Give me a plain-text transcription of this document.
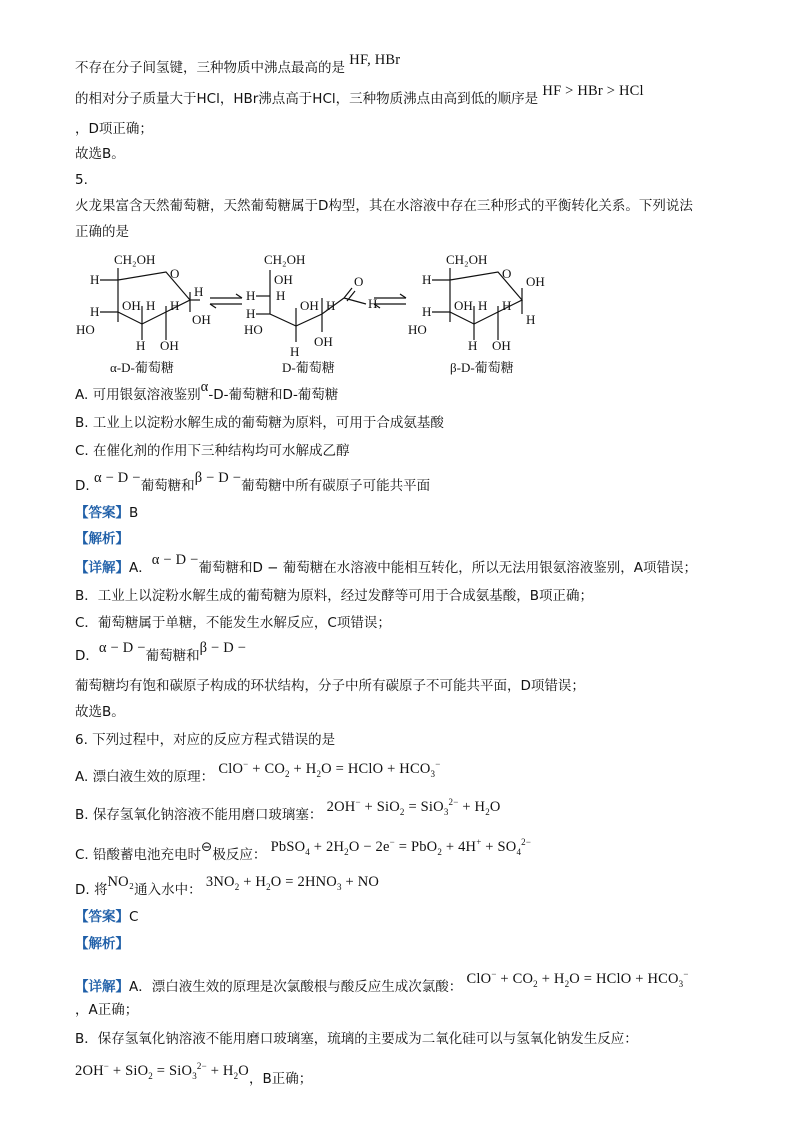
不存在分子间氢键，三种物质中沸点最高的是 HF, HBr
的相对分子质量大于HCl，HBr沸点高于HCl，三种物质沸点由高到低的顺序是 HF > HBr > HCl
，D项正确；
故选B。
5.
火龙果富含天然葡萄糖，天然葡萄糖属于D构型，其在水溶液中存在三种形式的平衡转化关系。下列说法
正确的是
CH₂OH
H	O
H OH H H
H
OH
HO
H OH
CH₂OH
OH
H
H
H
OH H
O
H
HO
H
OH
CH₂OH
H	O
OH
H OH H H
H
HO
H OH
α-D-葡萄糖	D-葡萄糖	β-D-葡萄糖
A. 可用银氨溶液鉴别α-D-葡萄糖和D-葡萄糖
B. 工业上以淀粉水解生成的葡萄糖为原料，可用于合成氨基酸
C. 在催化剂的作用下三种结构均可水解成乙醇
D. α − D −葡萄糖和β − D −葡萄糖中所有碳原子可能共平面
【答案】B
【解析】
【详解】A．α − D −葡萄糖和D − 葡萄糖在水溶液中能相互转化，所以无法用银氨溶液鉴别，A项错误；
B．工业上以淀粉水解生成的葡萄糖为原料，经过发酵等可用于合成氨基酸，B项正确；
C．葡萄糖属于单糖，不能发生水解反应，C项错误；
D．α − D −葡萄糖和β − D −
葡萄糖均有饱和碳原子构成的环状结构，分子中所有碳原子不可能共平面，D项错误；
故选B。
6. 下列过程中，对应的反应方程式错误的是
A. 漂白液生效的原理： $ClO^- + CO_2 + H_2O$ = HClO + $HCO_3^-$
B. 保存氢氧化钠溶液不能用磨口玻璃塞： $2OH^- + SiO_2 = SiO_3^{2-} + H_2O$
C. 铅酸蓄电池充电时⊖极反应： PbSO$_4$ + $2H_2O - 2e^- = PbO_2 + 4H^+ + SO_4^{2-}$
D. 将NO₂通入水中： $3NO_2 + H_2O = 2HNO_3$ + NO
【答案】C
【解析】
【详解】A．漂白液生效的原理是次氯酸根与酸反应生成次氯酸： $ClO^- + CO_2 + H_2O$ = HClO + $HCO_3^-$
，A正确；
B．保存氢氧化钠溶液不能用磨口玻璃塞，琉璃的主要成为二氧化硅可以与氢氧化钠发生反应：
$2OH^- + SiO_2 = SiO_3^{2-} + H_2O$，B正确；
